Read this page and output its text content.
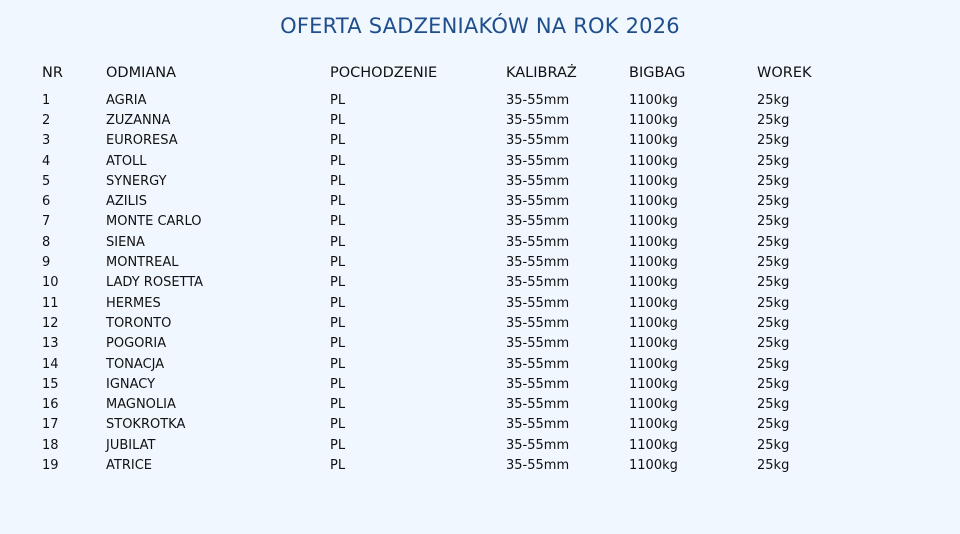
OFERTA SADZENIAKÓW NA ROK 2026
NR	ODMIANA	POCHODZENIE	KALIBRAŻ	BIGBAG	WOREK
1	AGRIA	PL	35-55mm	1100kg	25kg
2	ZUZANNA	PL	35-55mm	1100kg	25kg
3	EURORESA	PL	35-55mm	1100kg	25kg
4	ATOLL	PL	35-55mm	1100kg	25kg
5	SYNERGY	PL	35-55mm	1100kg	25kg
6	AZILIS	PL	35-55mm	1100kg	25kg
7	MONTE CARLO	PL	35-55mm	1100kg	25kg
8	SIENA	PL	35-55mm	1100kg	25kg
9	MONTREAL	PL	35-55mm	1100kg	25kg
10	LADY ROSETTA	PL	35-55mm	1100kg	25kg
11	HERMES	PL	35-55mm	1100kg	25kg
12	TORONTO	PL	35-55mm	1100kg	25kg
13	POGORIA	PL	35-55mm	1100kg	25kg
14	TONACJA	PL	35-55mm	1100kg	25kg
15	IGNACY	PL	35-55mm	1100kg	25kg
16	MAGNOLIA	PL	35-55mm	1100kg	25kg
17	STOKROTKA	PL	35-55mm	1100kg	25kg
18	JUBILAT	PL	35-55mm	1100kg	25kg
19	ATRICE	PL	35-55mm	1100kg	25kg
